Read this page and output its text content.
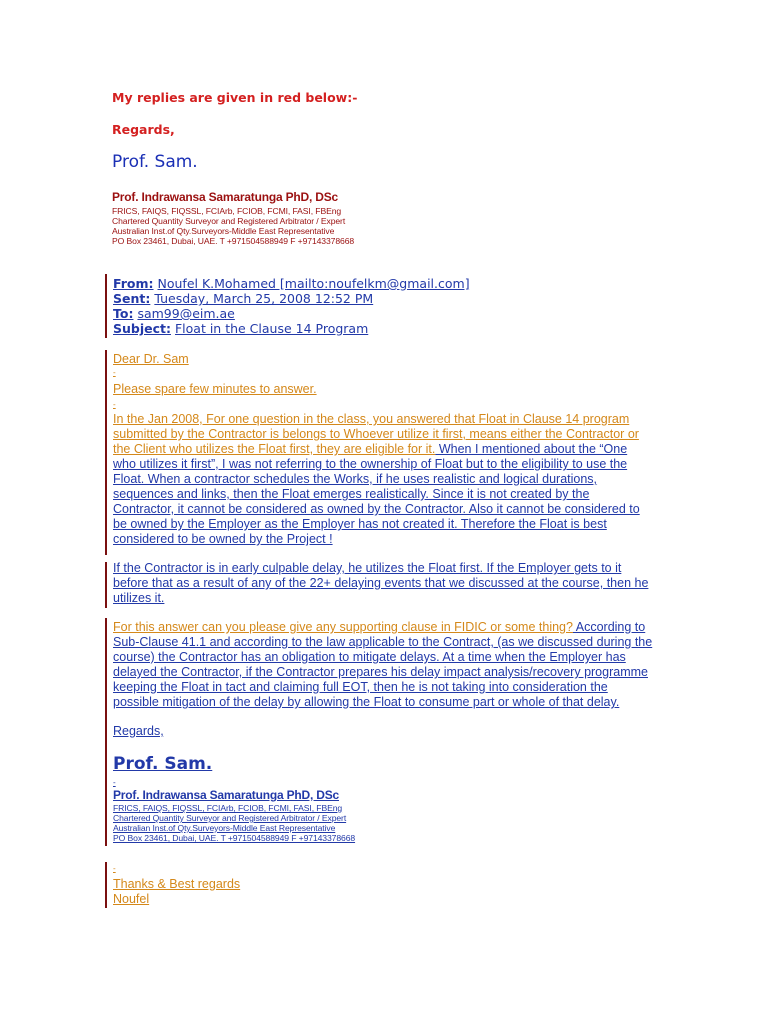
My replies are given in red below:-
Regards,
Prof. Sam.
Prof. Indrawansa Samaratunga PhD, DSc
FRICS, FAIQS, FIQSSL, FCIArb, FCIOB, FCMI, FASI, FBEng
Chartered Quantity Surveyor and Registered Arbitrator / Expert
Australian Inst.of Qty.Surveyors-Middle East Representative
PO Box 23461, Dubai, UAE. T +971504588949 F +97143378668
From: Noufel K.Mohamed [mailto:noufelkm@gmail.com]
Sent: Tuesday, March 25, 2008 12:52 PM
To: sam99@eim.ae
Subject: Float in the Clause 14 Program
Dear Dr. Sam
-
Please spare few minutes to answer.
-
In the Jan 2008, For one question in the class, you answered that Float in Clause 14 program
submitted by the Contractor is belongs to Whoever utilize it first, means either the Contractor or
the Client who utilizes the Float first, they are eligible for it. When I mentioned about the “One
who utilizes it first”, I was not referring to the ownership of Float but to the eligibility to use the
Float. When a contractor schedules the Works, if he uses realistic and logical durations,
sequences and links, then the Float emerges realistically. Since it is not created by the
Contractor, it cannot be considered as owned by the Contractor. Also it cannot be considered to
be owned by the Employer as the Employer has not created it. Therefore the Float is best
considered to be owned by the Project !
If the Contractor is in early culpable delay, he utilizes the Float first. If the Employer gets to it
before that as a result of any of the 22+ delaying events that we discussed at the course, then he
utilizes it.
For this answer can you please give any supporting clause in FIDIC or some thing? According to
Sub-Clause 41.1 and according to the law applicable to the Contract, (as we discussed during the
course) the Contractor has an obligation to mitigate delays. At a time when the Employer has
delayed the Contractor, if the Contractor prepares his delay impact analysis/recovery programme
keeping the Float in tact and claiming full EOT, then he is not taking into consideration the
possible mitigation of the delay by allowing the Float to consume part or whole of that delay.
Regards,
Prof. Sam.
-
Prof. Indrawansa Samaratunga PhD, DSc
FRICS, FAIQS, FIQSSL, FCIArb, FCIOB, FCMI, FASI, FBEng
Chartered Quantity Surveyor and Registered Arbitrator / Expert
Australian Inst.of Qty.Surveyors-Middle East Representative
PO Box 23461, Dubai, UAE. T +971504588949 F +97143378668
-
Thanks & Best regards
Noufel
